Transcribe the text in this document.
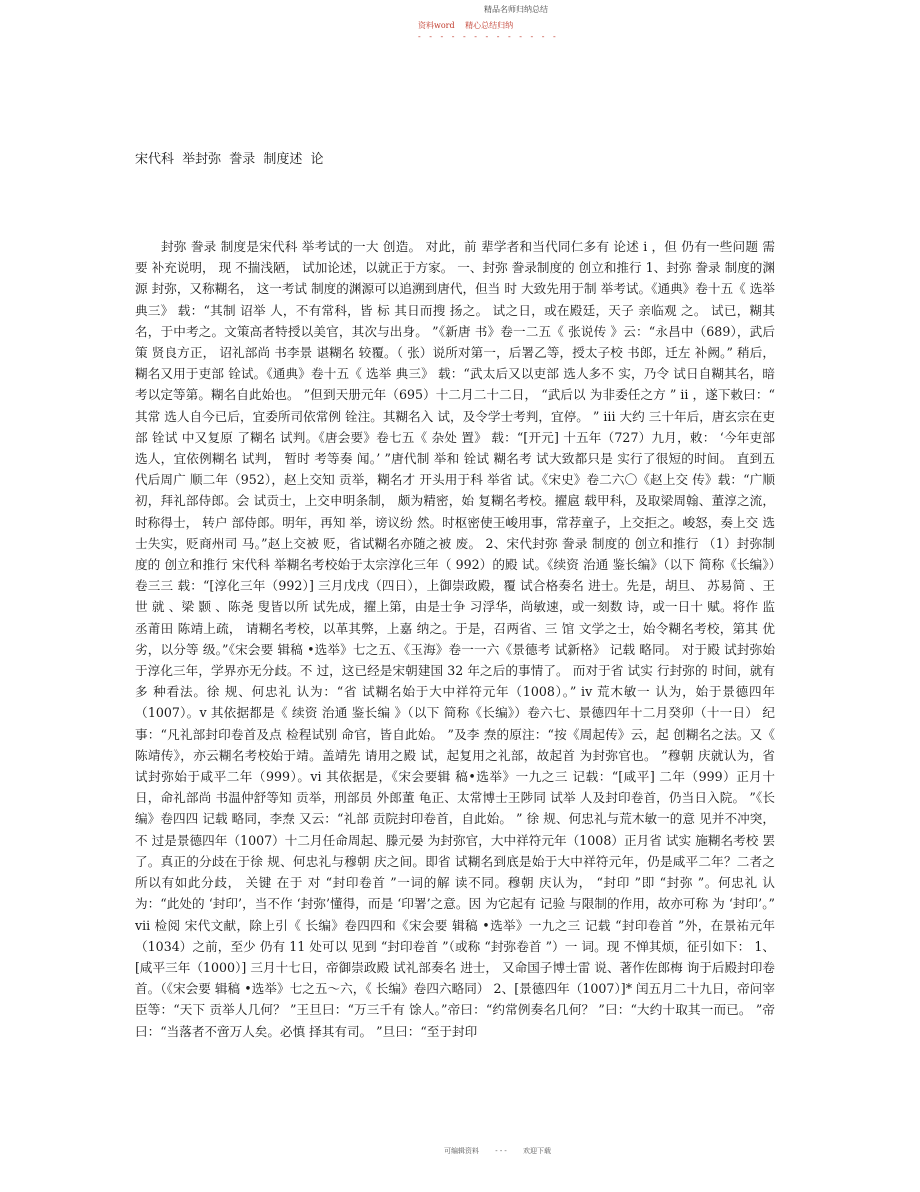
精品名师归纳总结
资料word 精心总结归纳
- - - - - - - - - - - - -
宋代科 举封弥 誊录 制度述 论

封弥 誊录 制度是宋代科 举考试的一大 创造。 对此，前 辈学者和当代同仁多有 论述 i ，但 仍有一些问题 需要 补充说明， 现 不揣浅陋， 试加论述，以就正于方家。 一、封弥 誊录制度的 创立和推行 1、封弥 誊录 制度的渊源 封弥，又称糊名， 这一考试 制度的渊源可以追溯到唐代，但当 时 大致先用于制 举考试。《通典》卷十五《 选举 典三》 载：“其制 诏举 人，不有常科，皆 标 其日而搜 扬之。 试之日，或在殿廷，天子 亲临观 之。 试已，糊其名，于中考之。文策高者特授以美官，其次与出身。 ”《新唐 书》卷一二五《 张说传 》云：“永昌中（689），武后策 贤良方正， 诏礼部尚 书李景 谌糊名 较覆。（ 张）说所对第一，后署乙等，授太子校 书郎，迁左 补阙。” 稍后，糊名又用于吏部 铨试。《通典》卷十五《 选举 典三》 载：“武太后又以吏部 选人多不 实，乃令 试日自糊其名，暗考以定等第。糊名自此始也。 ”但到天册元年（695）十二月二十二日， “武后以 为非委任之方 ” ii ，遂下敕曰：“ 其常 选人自今已后，宜委所司依常例 铨注。其糊名入 试，及令学士考判，宜停。 ” iii 大约 三十年后，唐玄宗在吏部 铨试 中又复原 了糊名 试判。《唐会要》卷七五《 杂处 置》 载：“[开元] 十五年（727）九月，敕： ‘今年吏部选人，宜依例糊名 试判， 暂时 考等奏 闻。’ ”唐代制 举和 铨试 糊名考 试大致都只是 实行了很短的时间。 直到五代后周广 顺二年（952），赵上交知 贡举，糊名才 开头用于科 举省 试。《宋史》卷二六〇《赵上交 传》载：“广顺初，拜礼部侍郎。会 试贡士，上交申明条制， 颇为精密，始 复糊名考校。擢扈 载甲科，及取梁周翰、董淳之流， 时称得士， 转户 部侍郎。明年，再知 举，谤议纷 然。时枢密使王峻用事，常荐童子，上交拒之。峻怒，奏上交 选士失实，贬商州司 马。”赵上交被 贬，省试糊名亦随之被 废。 2、宋代封弥 誊录 制度的 创立和推行 （1）封弥制度的 创立和推行 宋代科 举糊名考校始于太宗淳化三年（ 992）的殿 试。《续资 治通 鉴长编》（以下 简称《长编》）卷三三 载：“[淳化三年（992）] 三月戊戌（四日），上御崇政殿，覆 试合格奏名 进士。先是，胡旦、 苏易简 、王世 就 、梁 颢 、陈尧 叟皆以所 试先成，擢上第，由是士争 习浮华，尚敏速，或一刻数 诗，或一日十 赋。将作 监丞莆田 陈靖上疏， 请糊名考校，以革其弊，上嘉 纳之。于是，召两省、三 馆 文学之士，始令糊名考校，第其 优劣，以分等 级。”《宋会要 辑稿 •选举》七之五、《玉海》卷一一六《景德考 试新格》 记载 略同。 对于殿 试封弥始于淳化三年，学界亦无分歧。不 过，这已经是宋朝建国 32 年之后的事情了。 而对于省 试实 行封弥的 时间，就有多 种看法。徐 规、何忠礼 认为：“省 试糊名始于大中祥符元年（1008）。” iv 荒木敏一 认为，始于景德四年（1007）。v 其依据都是《 续资 治通 鉴长编 》（以下 简称《长编》）卷六七、景德四年十二月癸卯（十一日） 纪事：“凡礼部封印卷首及点 检程试别 命官，皆自此始。 ”及李 焘的原注：“按《周起传》云，起 创糊名之法。又《 陈靖传》，亦云糊名考校始于靖。盖靖先 请用之殿 试，起复用之礼部，故起首 为封弥官也。 ”穆朝 庆就认为，省 试封弥始于咸平二年（999）。vi 其依据是，《宋会要辑 稿•选举》一九之三 记载：“[咸平] 二年（999）正月十日，命礼部尚 书温仲舒等知 贡举，刑部员 外郎董 龟正、太常博士王陟同 试举 人及封印卷首，仍当日入院。 ”《长编》卷四四 记载 略同，李焘 又云：“礼部 贡院封印卷首，自此始。 ” 徐 规、何忠礼与荒木敏一的意 见并不冲突，不 过是景德四年（1007）十二月任命周起、滕元晏 为封弥官，大中祥符元年（1008）正月省 试实 施糊名考校 罢了。真正的分歧在于徐 规、何忠礼与穆朝 庆之间。即省 试糊名到底是始于大中祥符元年，仍是咸平二年？二者之所以有如此分歧， 关键 在于 对 “封印卷首 ”一词的解 读不同。穆朝 庆认为， “封印 ”即 “封弥 ”。何忠礼 认为：“此处的 ‘封印’，当不作 ‘封弥’懂得，而是 ‘印署’之意。因 为它起有 记验 与限制的作用，故亦可称 为 ‘封印’。” vii 检阅 宋代文献，除上引《 长编》卷四四和《宋会要 辑稿 •选举》一九之三 记载 “封印卷首 ”外，在景祐元年（1034）之前，至少 仍有 11 处可以 见到 “封印卷首 ”（或称 “封弥卷首 ”）一 词。现 不惮其烦，征引如下： 1、[咸平三年（1000）] 三月十七日，帝御崇政殿 试礼部奏名 进士， 又命国子博士雷 说、著作佐郎梅 询于后殿封印卷首。（《宋会要 辑稿 •选举》七之五～六，《 长编》卷四六略同） 2、[景德四年（1007）]* 闰五月二十九日，帝问宰臣等：“天下 贡举人几何？ ”王旦曰：“万三千有 馀人。”帝曰：“约常例奏名几何？ ”曰：“大约十取其一而已。 ”帝曰：“当落者不啻万人矣。必慎 择其有司。 ”旦曰：“至于封印

可编辑资料 - - - 欢迎下载
